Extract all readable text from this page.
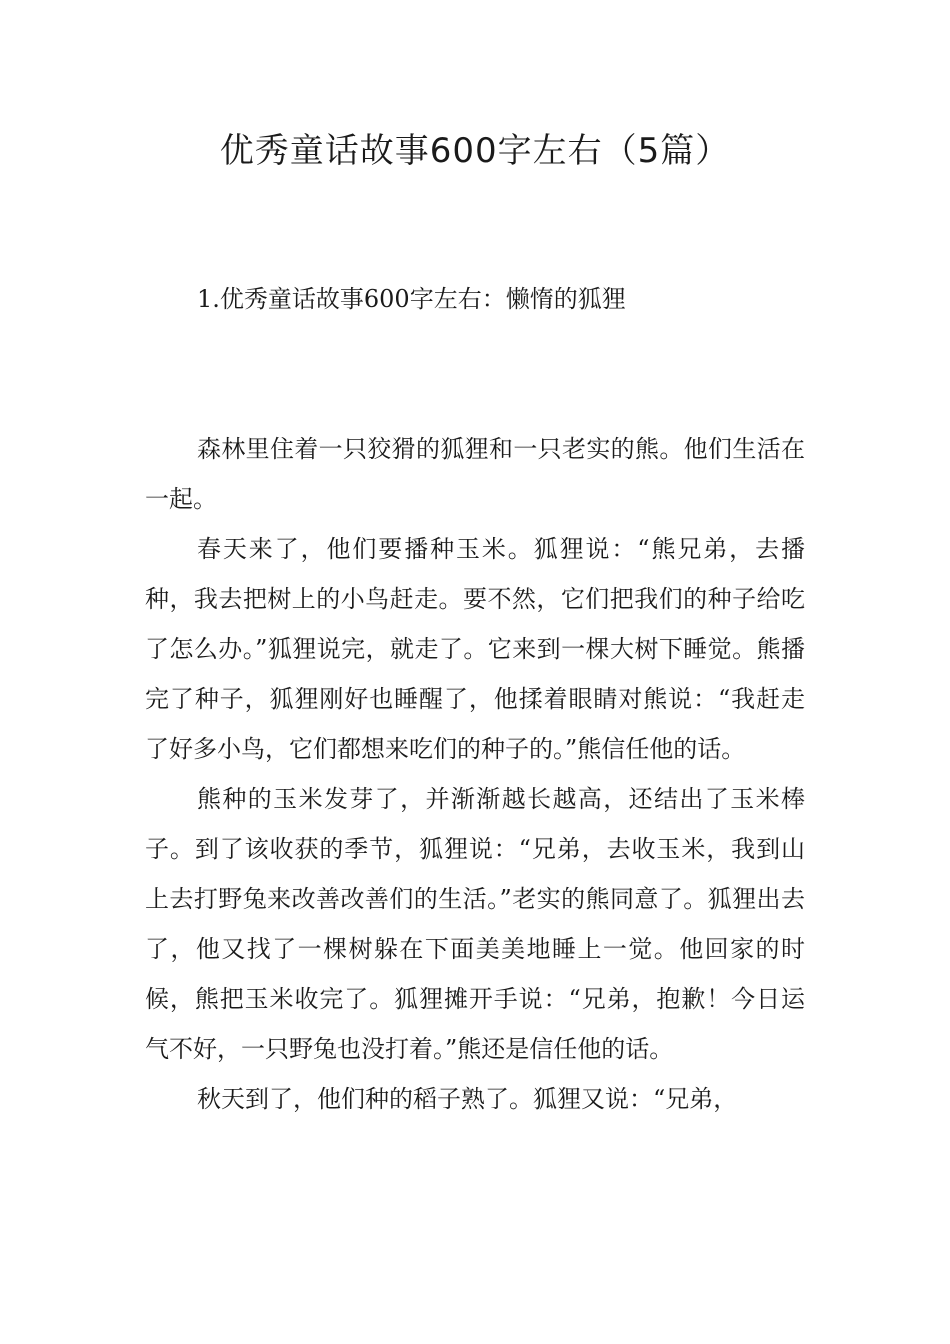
优秀童话故事600字左右（5篇）
1.优秀童话故事600字左右：懒惰的狐狸

森林里住着一只狡猾的狐狸和一只老实的熊。他们生活在一起。

春天来了，他们要播种玉米。狐狸说：“熊兄弟，去播种，我去把树上的小鸟赶走。要不然，它们把我们的种子给吃了怎么办。”狐狸说完，就走了。它来到一棵大树下睡觉。熊播完了种子，狐狸刚好也睡醒了，他揉着眼睛对熊说：“我赶走了好多小鸟，它们都想来吃们的种子的。”熊信任他的话。

熊种的玉米发芽了，并渐渐越长越高，还结出了玉米棒子。到了该收获的季节，狐狸说：“兄弟，去收玉米，我到山上去打野兔来改善改善们的生活。”老实的熊同意了。狐狸出去了，他又找了一棵树躲在下面美美地睡上一觉。他回家的时候，熊把玉米收完了。狐狸摊开手说：“兄弟，抱歉！今日运气不好，一只野兔也没打着。”熊还是信任他的话。

秋天到了，他们种的稻子熟了。狐狸又说：“兄弟，
